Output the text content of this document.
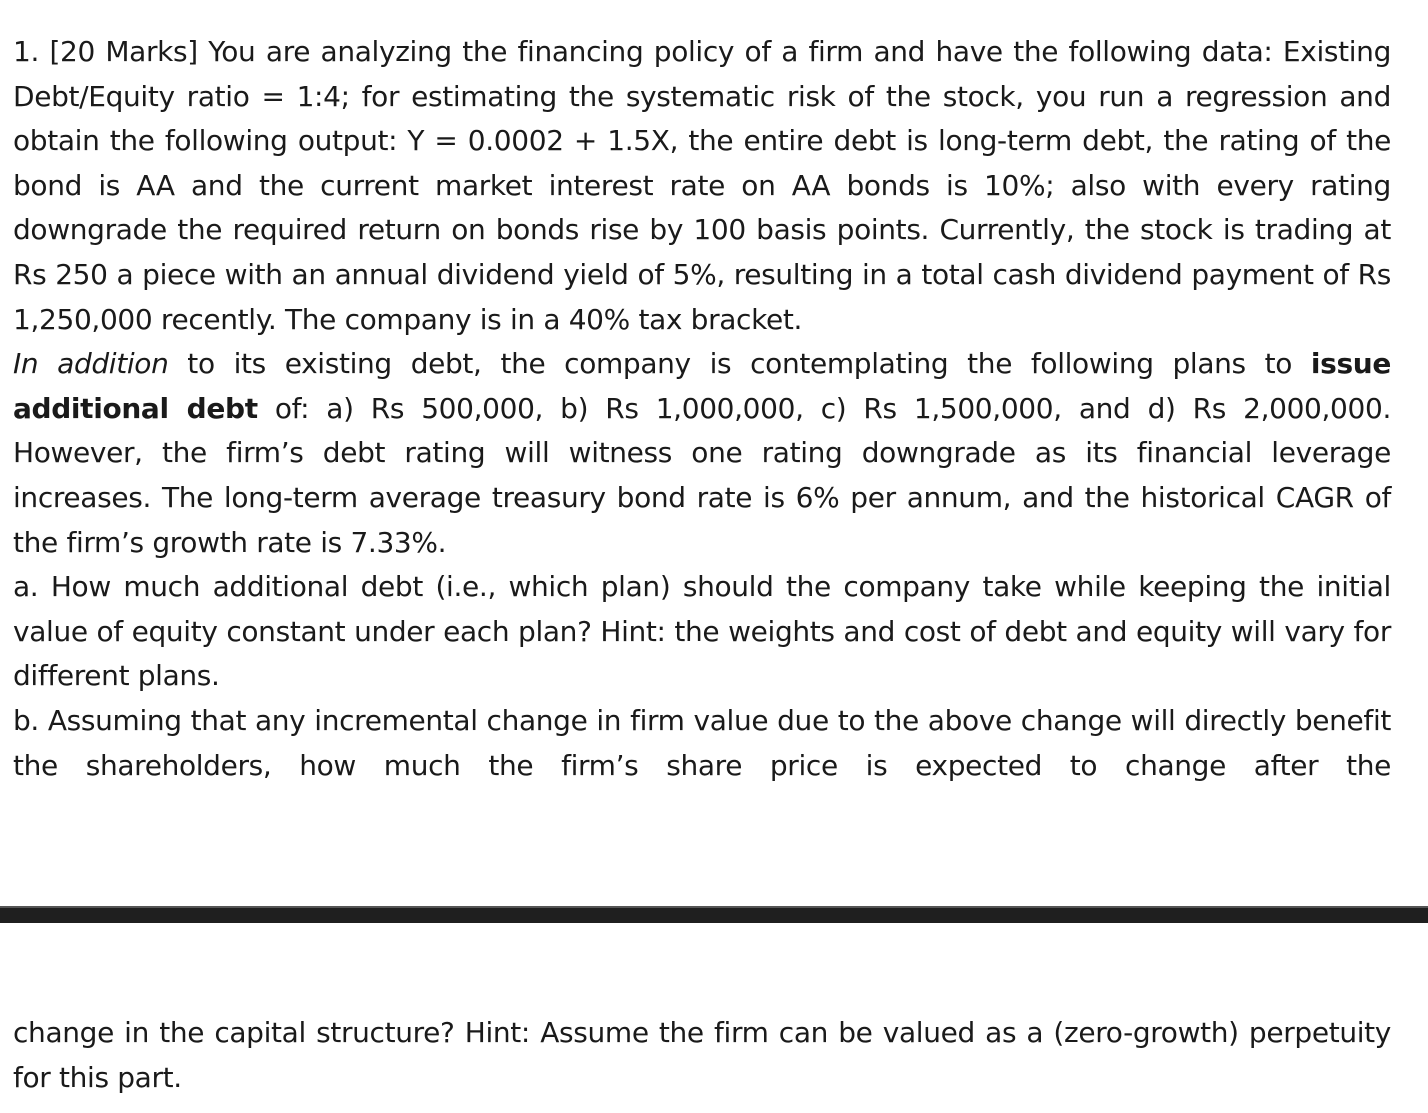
1. [20 Marks] You are analyzing the financing policy of a firm and have the following data: Existing Debt/Equity ratio = 1:4; for estimating the systematic risk of the stock, you run a regression and obtain the following output: Y = 0.0002 + 1.5X, the entire debt is long-term debt, the rating of the bond is AA and the current market interest rate on AA bonds is 10%; also with every rating downgrade the required return on bonds rise by 100 basis points. Currently, the stock is trading at Rs 250 a piece with an annual dividend yield of 5%, resulting in a total cash dividend payment of Rs 1,250,000 recently. The company is in a 40% tax bracket.

In addition to its existing debt, the company is contemplating the following plans to issue additional debt of: a) Rs 500,000, b) Rs 1,000,000, c) Rs 1,500,000, and d) Rs 2,000,000. However, the firm’s debt rating will witness one rating downgrade as its financial leverage increases. The long-term average treasury bond rate is 6% per annum, and the historical CAGR of the firm’s growth rate is 7.33%.

a. How much additional debt (i.e., which plan) should the company take while keeping the initial value of equity constant under each plan? Hint: the weights and cost of debt and equity will vary for different plans.

b. Assuming that any incremental change in firm value due to the above change will directly benefit the shareholders, how much the firm’s share price is expected to change after the

change in the capital structure? Hint: Assume the firm can be valued as a (zero-growth) perpetuity for this part.
